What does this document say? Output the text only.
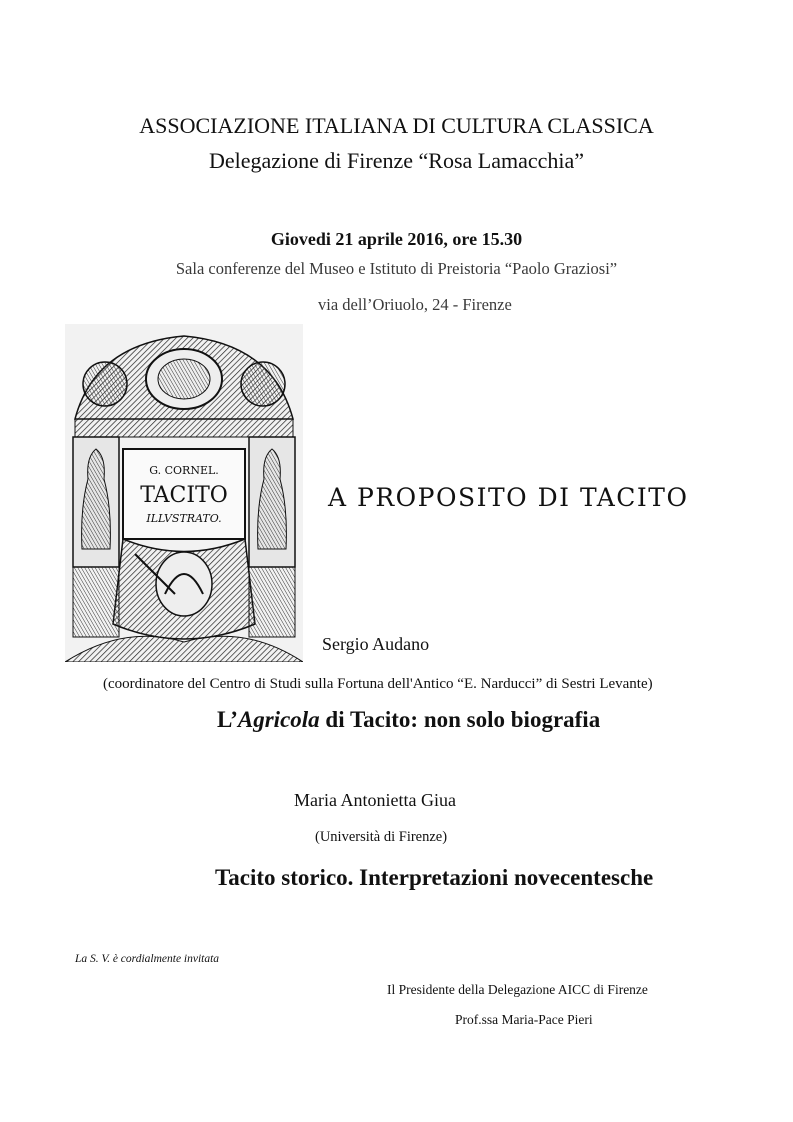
ASSOCIAZIONE ITALIANA DI CULTURA CLASSICA
Delegazione di Firenze “Rosa Lamacchia”
Giovedi 21 aprile 2016, ore 15.30
Sala conferenze del Museo e Istituto di Preistoria “Paolo Graziosi”
via dell’Oriuolo, 24 - Firenze
G. CORNEL.
TACITO
ILLVSTRATO.
A PROPOSITO DI TACITO
Sergio Audano
(coordinatore del Centro di Studi sulla Fortuna dell'Antico “E. Narducci” di Sestri Levante)
L’Agricola di Tacito: non solo biografia
Maria Antonietta Giua
(Università di Firenze)
Tacito storico. Interpretazioni novecentesche
La S. V. è cordialmente invitata
Il Presidente della Delegazione AICC di Firenze
Prof.ssa Maria-Pace Pieri
